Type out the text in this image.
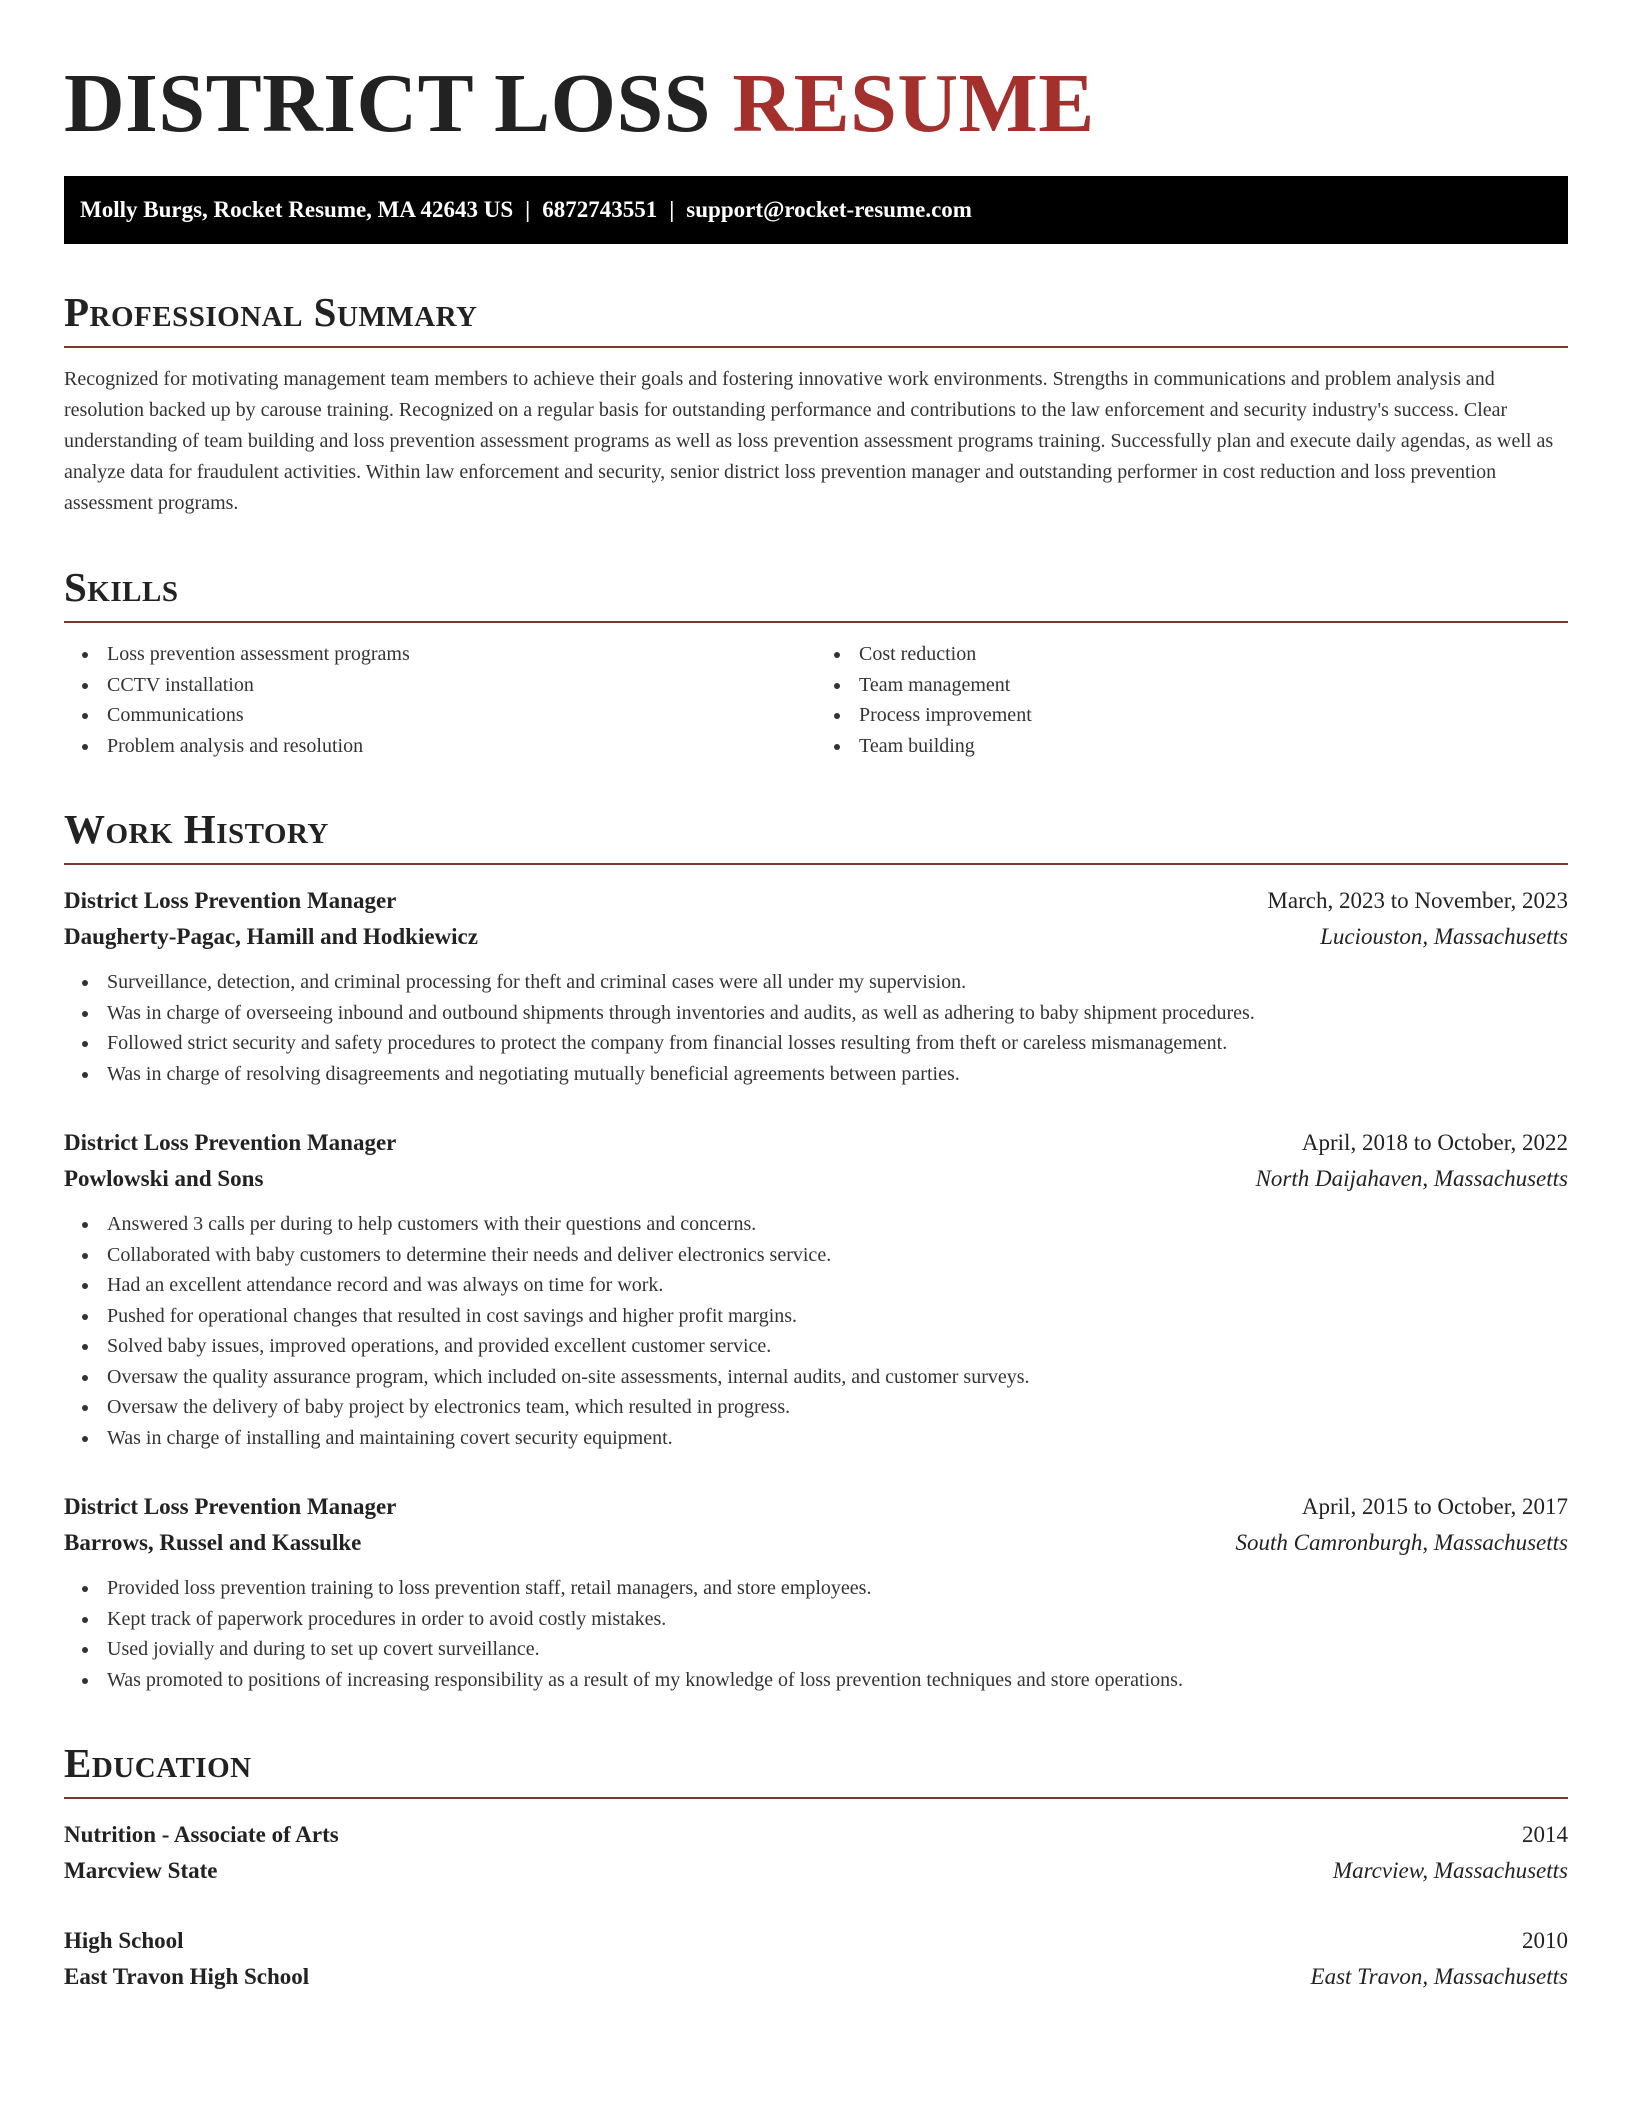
DISTRICT LOSS RESUME
Molly Burgs, Rocket Resume, MA 42643 US | 6872743551 | support@rocket-resume.com
Professional Summary

Recognized for motivating management team members to achieve their goals and fostering innovative work environments. Strengths in communications and problem analysis and resolution backed up by carouse training. Recognized on a regular basis for outstanding performance and contributions to the law enforcement and security industry's success. Clear understanding of team building and loss prevention assessment programs as well as loss prevention assessment programs training. Successfully plan and execute daily agendas, as well as analyze data for fraudulent activities. Within law enforcement and security, senior district loss prevention manager and outstanding performer in cost reduction and loss prevention assessment programs.

Skills
Loss prevention assessment programs
CCTV installation
Communications
Problem analysis and resolution
Cost reduction
Team management
Process improvement
Team building
Work History
District Loss Prevention Manager	March, 2023 to November, 2023
Daugherty-Pagac, Hamill and Hodkiewicz	Luciouston, Massachusetts
Surveillance, detection, and criminal processing for theft and criminal cases were all under my supervision.
Was in charge of overseeing inbound and outbound shipments through inventories and audits, as well as adhering to baby shipment procedures.
Followed strict security and safety procedures to protect the company from financial losses resulting from theft or careless mismanagement.
Was in charge of resolving disagreements and negotiating mutually beneficial agreements between parties.
District Loss Prevention Manager	April, 2018 to October, 2022
Powlowski and Sons	North Daijahaven, Massachusetts
Answered 3 calls per during to help customers with their questions and concerns.
Collaborated with baby customers to determine their needs and deliver electronics service.
Had an excellent attendance record and was always on time for work.
Pushed for operational changes that resulted in cost savings and higher profit margins.
Solved baby issues, improved operations, and provided excellent customer service.
Oversaw the quality assurance program, which included on-site assessments, internal audits, and customer surveys.
Oversaw the delivery of baby project by electronics team, which resulted in progress.
Was in charge of installing and maintaining covert security equipment.
District Loss Prevention Manager	April, 2015 to October, 2017
Barrows, Russel and Kassulke	South Camronburgh, Massachusetts
Provided loss prevention training to loss prevention staff, retail managers, and store employees.
Kept track of paperwork procedures in order to avoid costly mistakes.
Used jovially and during to set up covert surveillance.
Was promoted to positions of increasing responsibility as a result of my knowledge of loss prevention techniques and store operations.
Education
Nutrition - Associate of Arts	2014
Marcview State	Marcview, Massachusetts
High School	2010
East Travon High School	East Travon, Massachusetts
